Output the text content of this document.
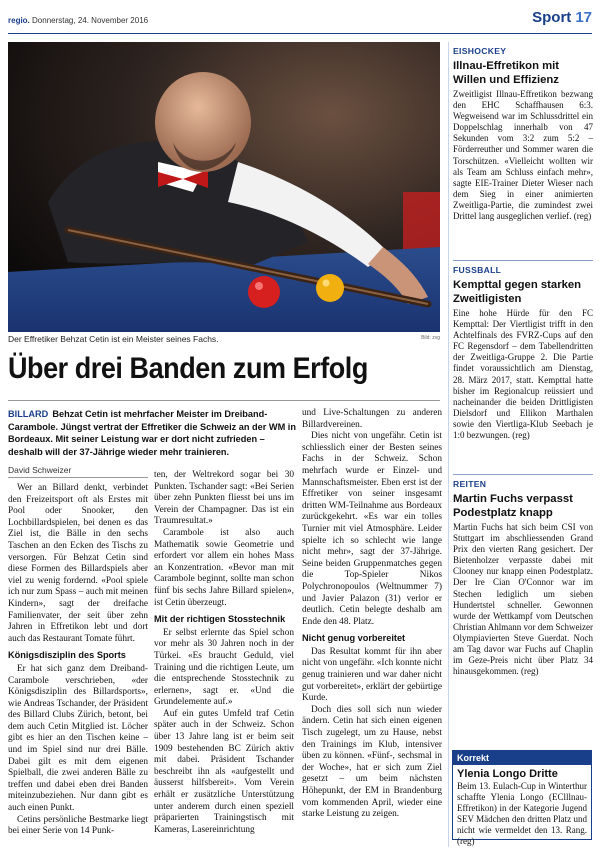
regio. Donnerstag, 24. November 2016	Sport 17
Der Effretiker Behzat Cetin ist ein Meister seines Fachs.	Bild: zvg
Über drei Banden zum Erfolg
BILLARD Behzat Cetin ist mehrfacher Meister im Dreiband-Carambole. Jüngst vertrat der Effretiker die Schweiz an der WM in Bordeaux. Mit seiner Leistung war er dort nicht zufrieden – deshalb will der 37-Jährige wieder mehr trainieren.
David Schweizer

Wer an Billard denkt, verbindet den Freizeitsport oft als Erstes mit Pool oder Snooker, den Lochbillardspielen, bei denen es das Ziel ist, die Bälle in den sechs Taschen an den Ecken des Tischs zu versorgen. Für Behzat Cetin sind diese Formen des Billardspiels aber viel zu wenig fordernd. «Pool spiele ich nur zum Spass – auch mit meinen Kindern», sagt der dreifache Familienvater, der seit über zehn Jahren in Effretikon lebt und dort auch das Restaurant Tomate führt.

Königsdisziplin des Sports

Er hat sich ganz dem Dreiband-Carambole verschrieben, «der Königsdisziplin des Billardsports», wie Andreas Tschander, der Präsident des Billard Clubs Zürich, betont, bei dem auch Cetin Mitglied ist. Löcher gibt es hier an den Tischen keine – und im Spiel sind nur drei Bälle. Dabei gilt es mit dem eigenen Spielball, die zwei anderen Bälle zu treffen und dabei eben drei Banden miteinzubeziehen. Nur dann gibt es auch einen Punkt.

Cetins persönliche Bestmarke liegt bei einer Serie von 14 Punk-

ten, der Weltrekord sogar bei 30 Punkten. Tschander sagt: «Bei Serien über zehn Punkten fliesst bei uns im Verein der Champagner. Das ist ein Traumresultat.»

Carambole ist also auch Mathematik sowie Geometrie und erfordert vor allem ein hohes Mass an Konzentration. «Bevor man mit Carambole beginnt, sollte man schon fünf bis sechs Jahre Billard spielen», ist Cetin überzeugt.

Mit der richtigen Stosstechnik

Er selbst erlernte das Spiel schon vor mehr als 30 Jahren noch in der Türkei. «Es braucht Geduld, viel Training und die richtigen Leute, um die entsprechende Stosstechnik zu erlernen», sagt er. «Und die Grundelemente auf.»

Auf ein gutes Umfeld traf Cetin später auch in der Schweiz. Schon über 13 Jahre lang ist er beim seit 1909 bestehenden BC Zürich aktiv mit dabei. Präsident Tschander beschreibt ihn als «aufgestellt und äusserst hilfsbereit». Vom Verein erhält er zusätzliche Unterstützung unter anderem durch einen speziell präparierten Trainingstisch mit Kameras, Lasereinrichtung

und Live-Schaltungen zu anderen Billardvereinen.

Dies nicht von ungefähr. Cetin ist schliesslich einer der Besten seines Fachs in der Schweiz. Schon mehrfach wurde er Einzel- und Mannschaftsmeister. Eben erst ist der Effretiker von seiner insgesamt dritten WM-Teilnahme aus Bordeaux zurückgekehrt. «Es war ein tolles Turnier mit viel Atmosphäre. Leider spielte ich so schlecht wie lange nicht mehr», sagt der 37-Jährige. Seine beiden Gruppenmatches gegen die Top-Spieler Nikos Polychronopoulos (Weltnummer 7) und Javier Palazon (31) verlor er deutlich. Cetin belegte deshalb am Ende den 48. Platz.

Nicht genug vorbereitet

Das Resultat kommt für ihn aber nicht von ungefähr. «Ich konnte nicht genug trainieren und war daher nicht gut vorbereitet», erklärt der gebürtige Kurde.

Doch dies soll sich nun wieder ändern. Cetin hat sich einen eigenen Tisch zugelegt, um zu Hause, nebst den Trainings im Klub, intensiver üben zu können. «Fünf-, sechsmal in der Woche», hat er sich zum Ziel gesetzt – um beim nächsten Höhepunkt, der EM in Brandenburg vom kommenden April, wieder eine starke Leistung zu zeigen.

EISHOCKEY
Illnau-Effretikon mit Willen und Effizienz
Zweitligist Illnau-Effretikon bezwang den EHC Schaffhausen 6:3. Wegweisend war im Schlussdrittel ein Doppelschlag innerhalb von 47 Sekunden vom 3:2 zum 5:2 – Förderreuther und Sommer waren die Torschützen. «Vielleicht wollten wir als Team am Schluss einfach mehr», sagte EIE-Trainer Dieter Wieser nach dem Sieg in einer animierten Zweitliga-Partie, die zumindest zwei Drittel lang ausgeglichen verlief. (reg)
FUSSBALL
Kempttal gegen starken Zweitligisten
Eine hohe Hürde für den FC Kempttal: Der Viertligist trifft in den Achtelfinals des FVRZ-Cups auf den FC Regensdorf – dem Tabellendritten der Zweitliga-Gruppe 2. Die Partie findet voraussichtlich am Dienstag, 28. März 2017, statt. Kempttal hatte bisher im Regionalcup reüssiert und nacheinander die beiden Drittligisten Dielsdorf und Ellikon Marthalen sowie den Viertliga-Klub Seebach je 1:0 bezwungen. (reg)
REITEN
Martin Fuchs verpasst Podestplatz knapp
Martin Fuchs hat sich beim CSI von Stuttgart im abschliessenden Grand Prix den vierten Rang gesichert. Der Bietenholzer verpasste dabei mit Clooney nur knapp einen Podestplatz. Der Ire Cian O'Connor war im Stechen lediglich um sieben Hundertstel schneller. Gewonnen wurde der Wettkampf vom Deutschen Christian Ahlmann vor dem Schweizer Olympiavierten Steve Guerdat. Noch am Tag davor war Fuchs auf Chaplin im Geze-Preis nicht über Platz 34 hinausgekommen. (reg)
Korrekt
Ylenia Longo Dritte
Beim 13. Eulach-Cup in Winterthur schaffte Ylenia Longo (EClllnau-Effretikon) in der Kategorie Jugend SEV Mädchen den dritten Platz und nicht wie vermeldet den 13. Rang. (reg)
